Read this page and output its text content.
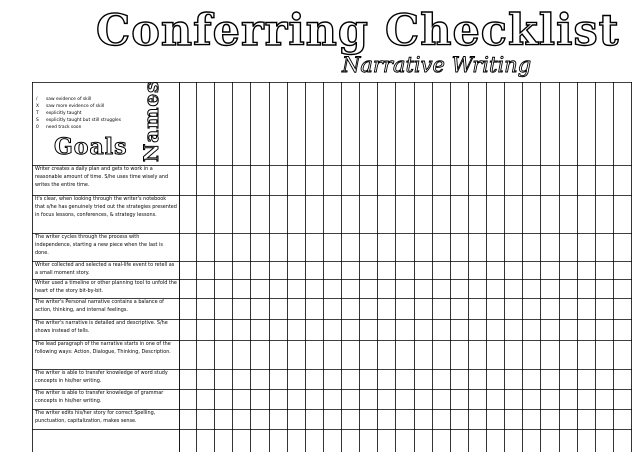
Conferring Checklist
Narrative Writing
/ saw evidence of skill
X saw more evidence of skill
T explicitly taught
S explicitly taught but still struggles
0 need track soon
Goals Names
Writer creates a daily plan and gets to work in a reasonable amount of time. S/he uses time wisely and writes the entire time.
It's clear, when looking through the writer's notebook that s/he has genuinely tried out the strategies presented in focus lessons, conferences, & strategy lessons.
The writer cycles through the process with independence, starting a new piece when the last is done.
Writer collected and selected a real-life event to retell as a small moment story.
Writer used a timeline or other planning tool to unfold the heart of the story bit-by-bit.
The writer's Personal narrative contains a balance of action, thinking, and internal feelings.
The writer's narrative is detailed and descriptive. S/he shows instead of tells.
The lead paragraph of the narrative starts in one of the following ways: Action, Dialogue, Thinking, Description.
The writer is able to transfer knowledge of word study concepts in his/her writing.
The writer is able to transfer knowledge of grammar concepts in his/her writing.
The writer edits his/her story for correct Spelling, punctuation, capitalization, makes sense.
